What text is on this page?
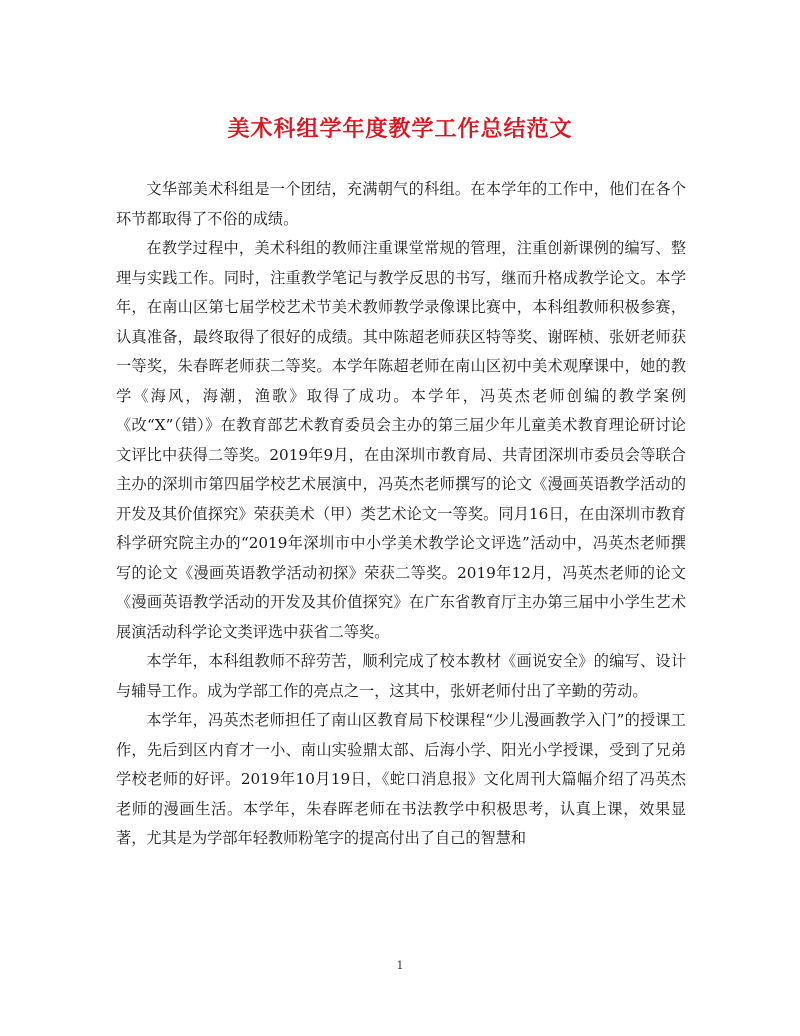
美术科组学年度教学工作总结范文

文华部美术科组是一个团结，充满朝气的科组。在本学年的工作中，他们在各个环节都取得了不俗的成绩。

在教学过程中，美术科组的教师注重课堂常规的管理，注重创新课例的编写、整理与实践工作。同时，注重教学笔记与教学反思的书写，继而升格成教学论文。本学年，在南山区第七届学校艺术节美术教师教学录像课比赛中，本科组教师积极参赛，认真准备，最终取得了很好的成绩。其中陈超老师获区特等奖、谢晖桢、张妍老师获一等奖，朱春晖老师获二等奖。本学年陈超老师在南山区初中美术观摩课中，她的教学《海风，海潮，渔歌》取得了成功。本学年，冯英杰老师创编的教学案例《改“X”（错）》在教育部艺术教育委员会主办的第三届少年儿童美术教育理论研讨论文评比中获得二等奖。2019年9月，在由深圳市教育局、共青团深圳市委员会等联合主办的深圳市第四届学校艺术展演中，冯英杰老师撰写的论文《漫画英语教学活动的开发及其价值探究》荣获美术（甲）类艺术论文一等奖。同月16日，在由深圳市教育科学研究院主办的“2019年深圳市中小学美术教学论文评选”活动中，冯英杰老师撰写的论文《漫画英语教学活动初探》荣获二等奖。2019年12月，冯英杰老师的论文《漫画英语教学活动的开发及其价值探究》在广东省教育厅主办第三届中小学生艺术展演活动科学论文类评选中获省二等奖。

本学年，本科组教师不辞劳苦，顺利完成了校本教材《画说安全》的编写、设计与辅导工作。成为学部工作的亮点之一，这其中，张妍老师付出了辛勤的劳动。

本学年，冯英杰老师担任了南山区教育局下校课程“少儿漫画教学入门”的授课工作，先后到区内育才一小、南山实验鼎太部、后海小学、阳光小学授课，受到了兄弟学校老师的好评。2019年10月19日，《蛇口消息报》文化周刊大篇幅介绍了冯英杰老师的漫画生活。本学年，朱春晖老师在书法教学中积极思考，认真上课，效果显著，尤其是为学部年轻教师粉笔字的提高付出了自己的智慧和

1
